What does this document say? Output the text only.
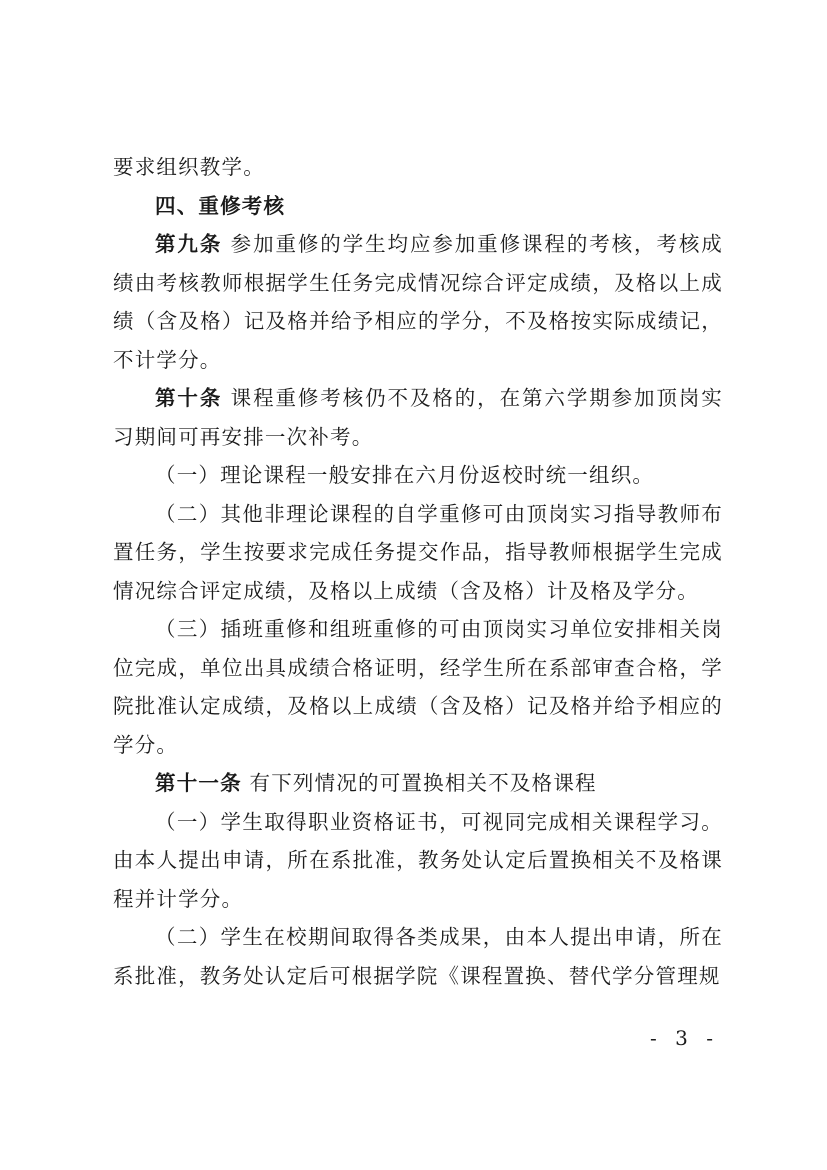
要求组织教学。

四、重修考核

第九条 参加重修的学生均应参加重修课程的考核，考核成绩由考核教师根据学生任务完成情况综合评定成绩，及格以上成绩（含及格）记及格并给予相应的学分，不及格按实际成绩记，不计学分。

第十条 课程重修考核仍不及格的，在第六学期参加顶岗实习期间可再安排一次补考。

（一）理论课程一般安排在六月份返校时统一组织。

（二）其他非理论课程的自学重修可由顶岗实习指导教师布置任务，学生按要求完成任务提交作品，指导教师根据学生完成情况综合评定成绩，及格以上成绩（含及格）计及格及学分。

（三）插班重修和组班重修的可由顶岗实习单位安排相关岗位完成，单位出具成绩合格证明，经学生所在系部审查合格，学院批准认定成绩，及格以上成绩（含及格）记及格并给予相应的学分。

第十一条 有下列情况的可置换相关不及格课程

（一）学生取得职业资格证书，可视同完成相关课程学习。由本人提出申请，所在系批准，教务处认定后置换相关不及格课程并计学分。

（二）学生在校期间取得各类成果，由本人提出申请，所在系批准，教务处认定后可根据学院《课程置换、替代学分管理规

- 3 -
